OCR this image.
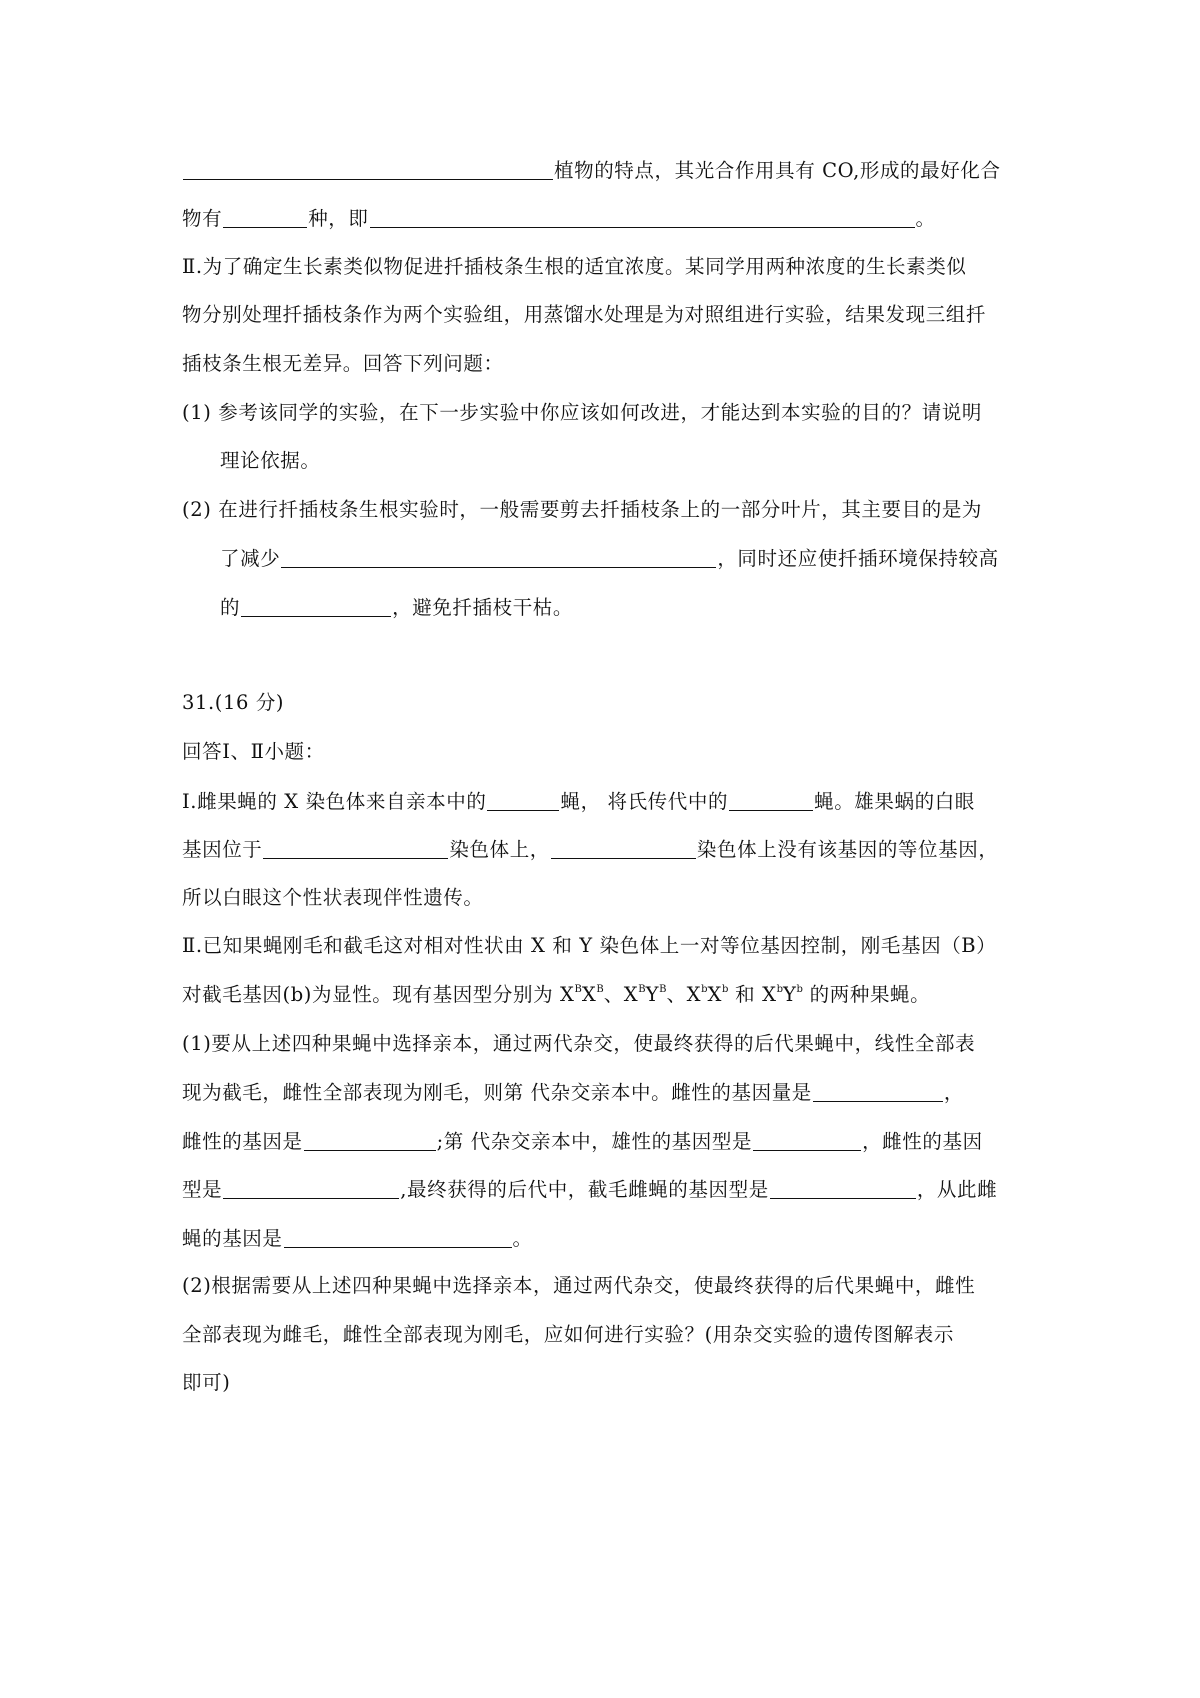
植物的特点，其光合作用具有 CO,形成的最好化合
物有	种，即	。
Ⅱ.为了确定生长素类似物促进扦插枝条生根的适宜浓度。某同学用两种浓度的生长素类似
物分别处理扦插枝条作为两个实验组，用蒸馏水处理是为对照组进行实验，结果发现三组扦
插枝条生根无差异。回答下列问题：
(1) 参考该同学的实验，在下一步实验中你应该如何改进，才能达到本实验的目的？请说明
理论依据。
(2) 在进行扦插枝条生根实验时，一般需要剪去扦插枝条上的一部分叶片，其主要目的是为
了减少	，同时还应使扦插环境保持较高
的	，避免扦插枝干枯。
31.(16 分)
回答Ⅰ、Ⅱ小题：
Ⅰ.雌果蝇的 X 染色体来自亲本中的	蝇， 将氏传代中的	蝇。雄果蜗的白眼
基因位于	染色体上，	染色体上没有该基因的等位基因，
所以白眼这个性状表现伴性遗传。
Ⅱ.已知果蝇刚毛和截毛这对相对性状由 X 和 Y 染色体上一对等位基因控制，刚毛基因（B）
对截毛基因(b)为显性。现有基因型分别为 $X^BX^B$、$X^BY^B$、$X^bX^b$ 和 $X^bY^b$ 的两种果蝇。
(1)要从上述四种果蝇中选择亲本，通过两代杂交，使最终获得的后代果蝇中，线性全部表
现为截毛，雌性全部表现为刚毛，则第 代杂交亲本中。雌性的基因量是	，
雌性的基因是	;第 代杂交亲本中，雄性的基因型是	，雌性的基因
型是	,最终获得的后代中，截毛雌蝇的基因型是	，从此雌
蝇的基因是	。
(2)根据需要从上述四种果蝇中选择亲本，通过两代杂交，使最终获得的后代果蝇中，雌性
全部表现为雌毛，雌性全部表现为刚毛，应如何进行实验？(用杂交实验的遗传图解表示
即可)
